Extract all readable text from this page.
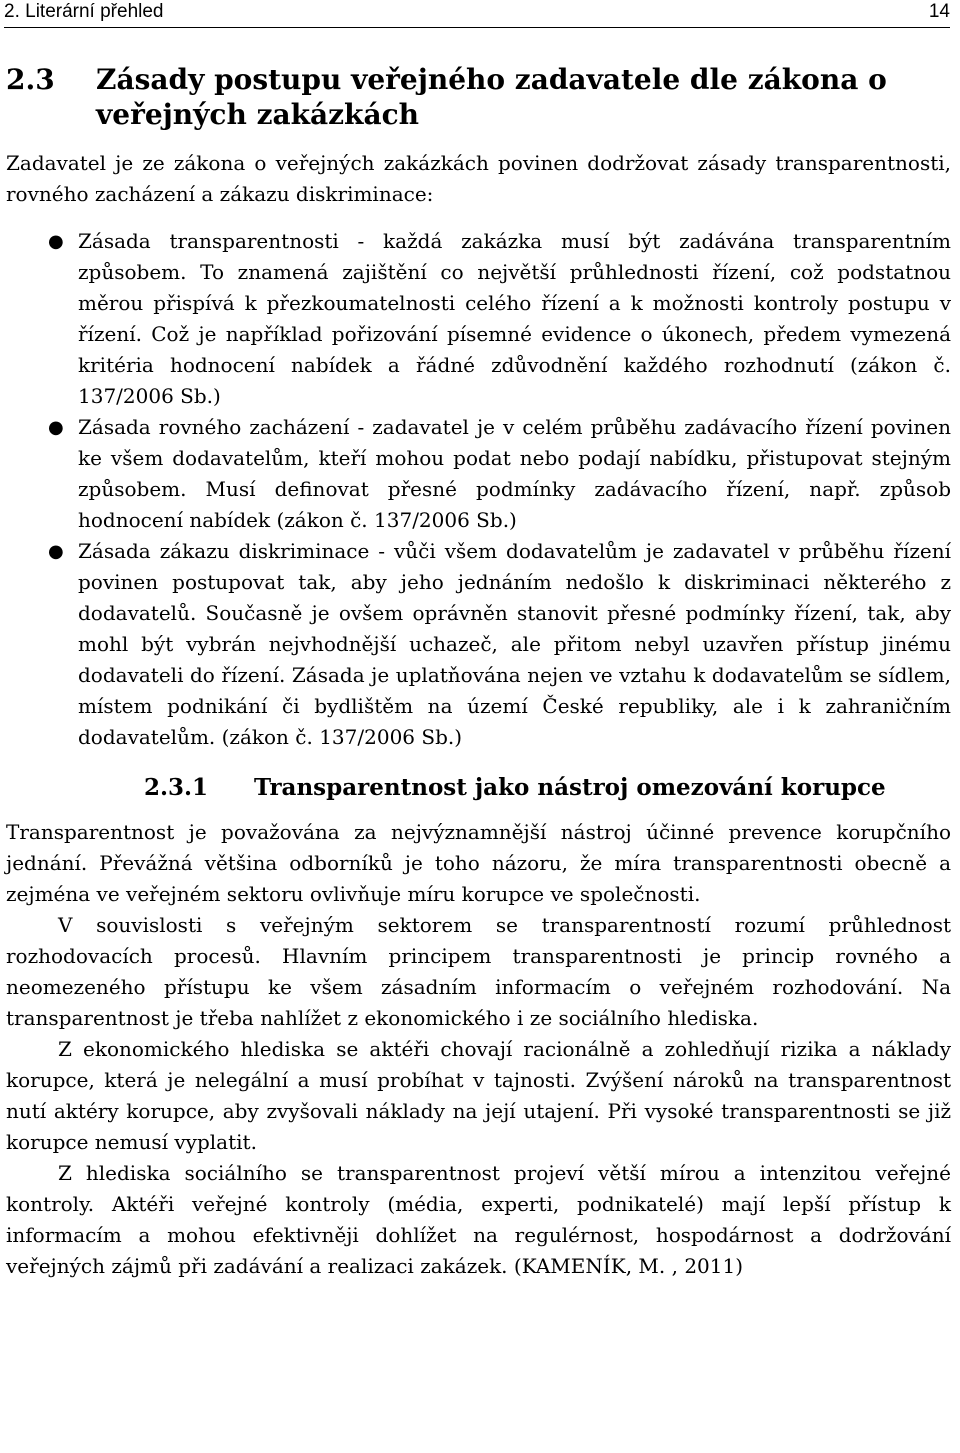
2. Literární přehled	14
2.3	Zásady postupu veřejného zadavatele dle zákona o veřejných zakázkách

Zadavatel je ze zákona o veřejných zakázkách povinen dodržovat zásady transparentnosti, rovného zacházení a zákazu diskriminace:

● Zásada transparentnosti - každá zakázka musí být zadávána transparentním způsobem. To znamená zajištění co největší průhlednosti řízení, což podstatnou měrou přispívá k přezkoumatelnosti celého řízení a k možnosti kontroly postupu v řízení. Což je například pořizování písemné evidence o úkonech, předem vymezená kritéria hodnocení nabídek a řádné zdůvodnění každého rozhodnutí (zákon č. 137/2006 Sb.)
● Zásada rovného zacházení - zadavatel je v celém průběhu zadávacího řízení povinen ke všem dodavatelům, kteří mohou podat nebo podají nabídku, přistupovat stejným způsobem. Musí definovat přesné podmínky zadávacího řízení, např. způsob hodnocení nabídek (zákon č. 137/2006 Sb.)
● Zásada zákazu diskriminace - vůči všem dodavatelům je zadavatel v průběhu řízení povinen postupovat tak, aby jeho jednáním nedošlo k diskriminaci některého z dodavatelů. Současně je ovšem oprávněn stanovit přesné podmínky řízení, tak, aby mohl být vybrán nejvhodnější uchazeč, ale přitom nebyl uzavřen přístup jinému dodavateli do řízení. Zásada je uplatňována nejen ve vztahu k dodavatelům se sídlem, místem podnikání či bydlištěm na území České republiky, ale i k zahraničním dodavatelům. (zákon č. 137/2006 Sb.)
2.3.1	Transparentnost jako nástroj omezování korupce

Transparentnost je považována za nejvýznamnější nástroj účinné prevence korupčního jednání. Převážná většina odborníků je toho názoru, že míra transparentnosti obecně a zejména ve veřejném sektoru ovlivňuje míru korupce ve společnosti.

V souvislosti s veřejným sektorem se transparentností rozumí průhlednost rozhodovacích procesů. Hlavním principem transparentnosti je princip rovného a neomezeného přístupu ke všem zásadním informacím o veřejném rozhodování. Na transparentnost je třeba nahlížet z ekonomického i ze sociálního hlediska.

Z ekonomického hlediska se aktéři chovají racionálně a zohledňují rizika a náklady korupce, která je nelegální a musí probíhat v tajnosti. Zvýšení nároků na transparentnost nutí aktéry korupce, aby zvyšovali náklady na její utajení. Při vysoké transparentnosti se již korupce nemusí vyplatit.

Z hlediska sociálního se transparentnost projeví větší mírou a intenzitou veřejné kontroly. Aktéři veřejné kontroly (média, experti, podnikatelé) mají lepší přístup k informacím a mohou efektivněji dohlížet na regulérnost, hospodárnost a dodržování veřejných zájmů při zadávání a realizaci zakázek. (KAMENÍK, M. , 2011)
